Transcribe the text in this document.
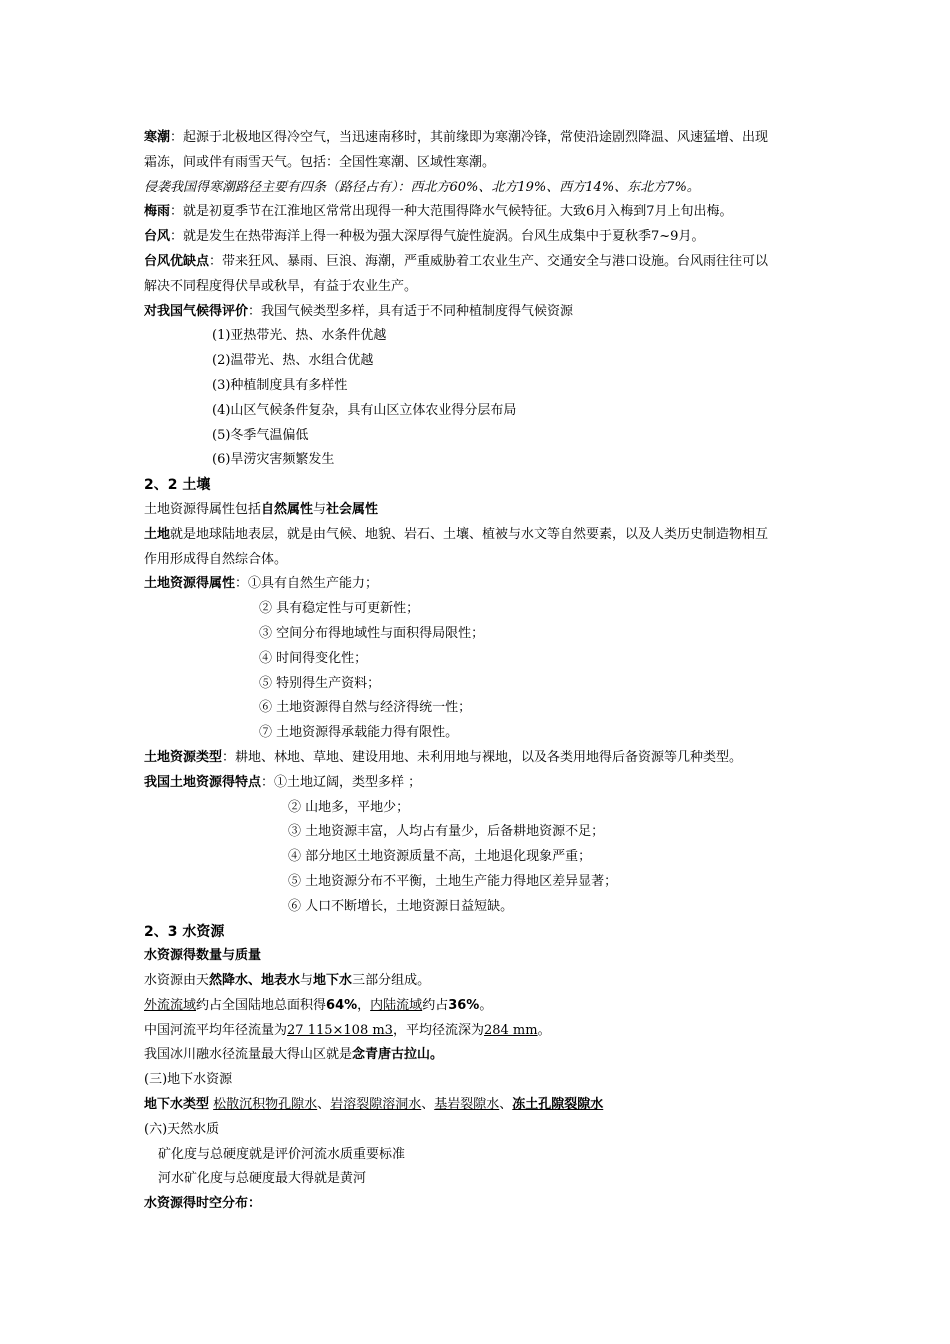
寒潮：起源于北极地区得冷空气，当迅速南移时，其前缘即为寒潮冷锋，常使沿途剧烈降温、风速猛增、出现
霜冻，间或伴有雨雪天气。包括：全国性寒潮、区域性寒潮。
侵袭我国得寒潮路径主要有四条（路径占有）：西北方60%、北方19%、西方14%、东北方7%。
梅雨：就是初夏季节在江淮地区常常出现得一种大范围得降水气候特征。大致6月入梅到7月上旬出梅。
台风：就是发生在热带海洋上得一种极为强大深厚得气旋性旋涡。台风生成集中于夏秋季7~9月。
台风优缺点：带来狂风、暴雨、巨浪、海潮，严重威胁着工农业生产、交通安全与港口设施。台风雨往往可以
解决不同程度得伏旱或秋旱，有益于农业生产。
对我国气候得评价：我国气候类型多样，具有适于不同种植制度得气候资源
(1)亚热带光、热、水条件优越
(2)温带光、热、水组合优越
(3)种植制度具有多样性
(4)山区气候条件复杂，具有山区立体农业得分层布局
(5)冬季气温偏低
(6)旱涝灾害频繁发生
2、2 土壤
土地资源得属性包括自然属性与社会属性
土地就是地球陆地表层，就是由气候、地貌、岩石、土壤、植被与水文等自然要素，以及人类历史制造物相互
作用形成得自然综合体。
土地资源得属性：①具有自然生产能力；
② 具有稳定性与可更新性；
③ 空间分布得地域性与面积得局限性；
④ 时间得变化性；
⑤ 特别得生产资料；
⑥ 土地资源得自然与经济得统一性；
⑦ 土地资源得承载能力得有限性。
土地资源类型：耕地、林地、草地、建设用地、未利用地与裸地，以及各类用地得后备资源等几种类型。
我国土地资源得特点：①土地辽阔，类型多样 ；
② 山地多，平地少；
③ 土地资源丰富，人均占有量少，后备耕地资源不足；
④ 部分地区土地资源质量不高，土地退化现象严重；
⑤ 土地资源分布不平衡，土地生产能力得地区差异显著；
⑥ 人口不断增长，土地资源日益短缺。
2、3 水资源
水资源得数量与质量
水资源由天然降水、地表水与地下水三部分组成。
外流流域约占全国陆地总面积得64%，内陆流域约占36%。
中国河流平均年径流量为27 115×108 m3，平均径流深为284 mm。
我国冰川融水径流量最大得山区就是念青唐古拉山。
(三)地下水资源
地下水类型 松散沉积物孔隙水、岩溶裂隙溶洞水、基岩裂隙水、冻土孔隙裂隙水
(六)天然水质
矿化度与总硬度就是评价河流水质重要标准
河水矿化度与总硬度最大得就是黄河
水资源得时空分布：
